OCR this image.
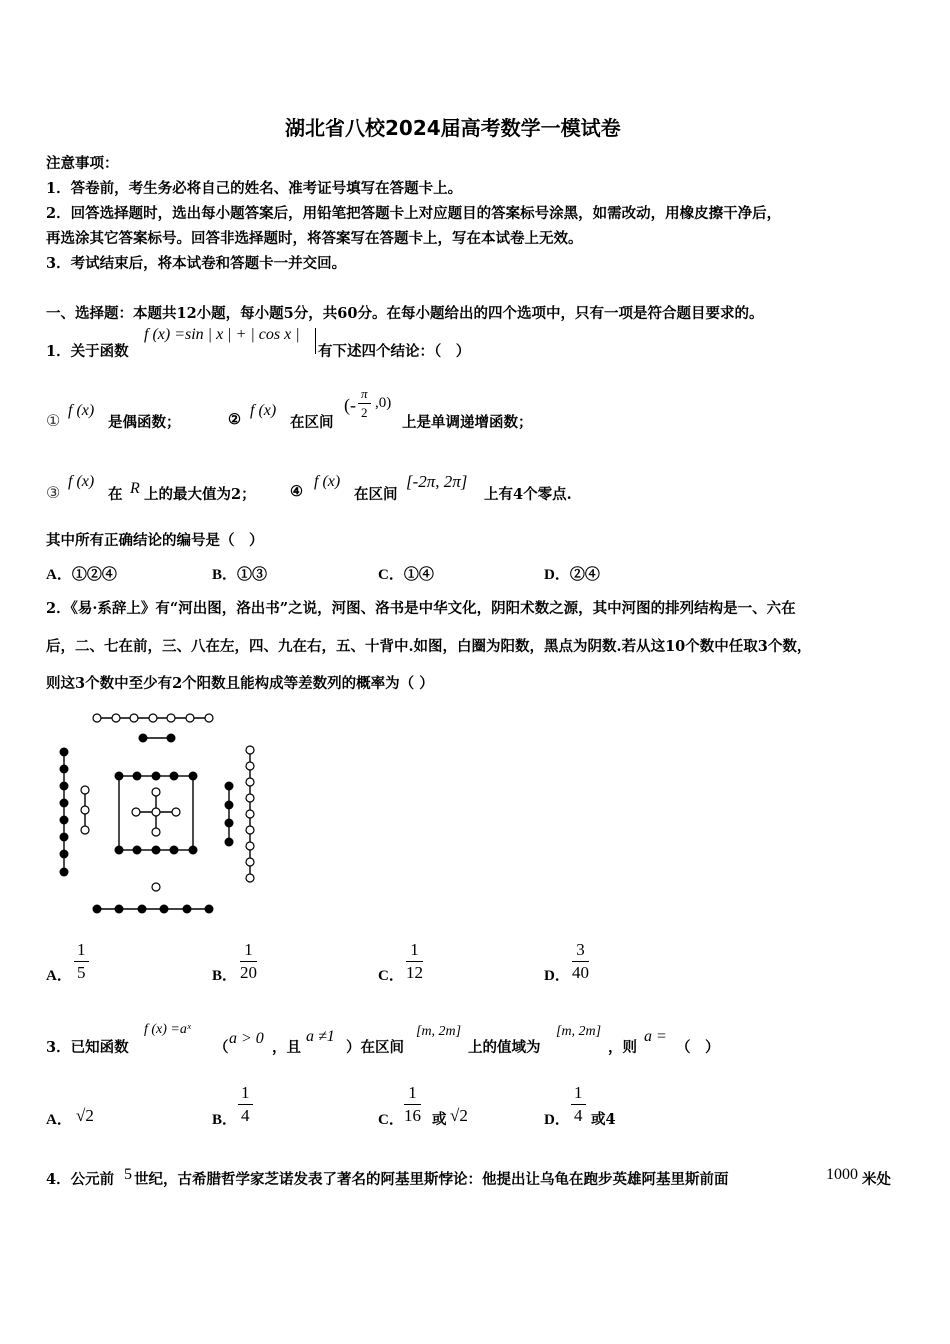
湖北省八校2024届高考数学一模试卷
注意事项：
1．答卷前，考生务必将自己的姓名、准考证号填写在答题卡上。
2．回答选择题时，选出每小题答案后，用铅笔把答题卡上对应题目的答案标号涂黑，如需改动，用橡皮擦干净后，
再选涂其它答案标号。回答非选择题时，将答案写在答题卡上，写在本试卷上无效。
3．考试结束后，将本试卷和答题卡一并交回。
一、选择题：本题共12小题，每小题5分，共60分。在每小题给出的四个选项中，只有一项是符合题目要求的。
1．关于函数
f (x) =sin | x | + | cos x |
有下述四个结论：（　）
①
f (x)
是偶函数；	②
f (x)
在区间
(- $\frac{\pi}{2} ,0$)
上是单调递增函数；
③
f (x)
在 R 上的最大值为2； ④
f (x)
在区间
[-2π, 2π]
上有4个零点.
其中所有正确结论的编号是（　）
A．①②④	B．①③	C．①④	D．②④
2．《易·系辞上》有“河出图，洛出书”之说，河图、洛书是中华文化，阴阳术数之源，其中河图的排列结构是一、六在
后，二、七在前，三、八在左，四、九在右，五、十背中.如图，白圈为阳数，黑点为阴数.若从这10个数中任取3个数，
则这3个数中至少有2个阳数且能构成等差数列的概率为（ ）
A． $\frac{1}{5}$	B． $\frac{1}{20}$	C． $\frac{1}{12}$	D． $\frac{3}{40}$
3．已知函数
f (x) =aˣ
（
a > 0
，且
a ≠1
）在区间
[m, 2m]
上的值域为
[m, 2m]
，则
a =
（　）
A． √2	B． $\frac{1}{4}$	C． $\frac{1}{16}$ 或 √2	D． $\frac{1}{4}$ 或4
4．公元前 5 世纪，古希腊哲学家芝诺发表了著名的阿基里斯悖论：他提出让乌龟在跑步英雄阿基里斯前面	1000 米处
